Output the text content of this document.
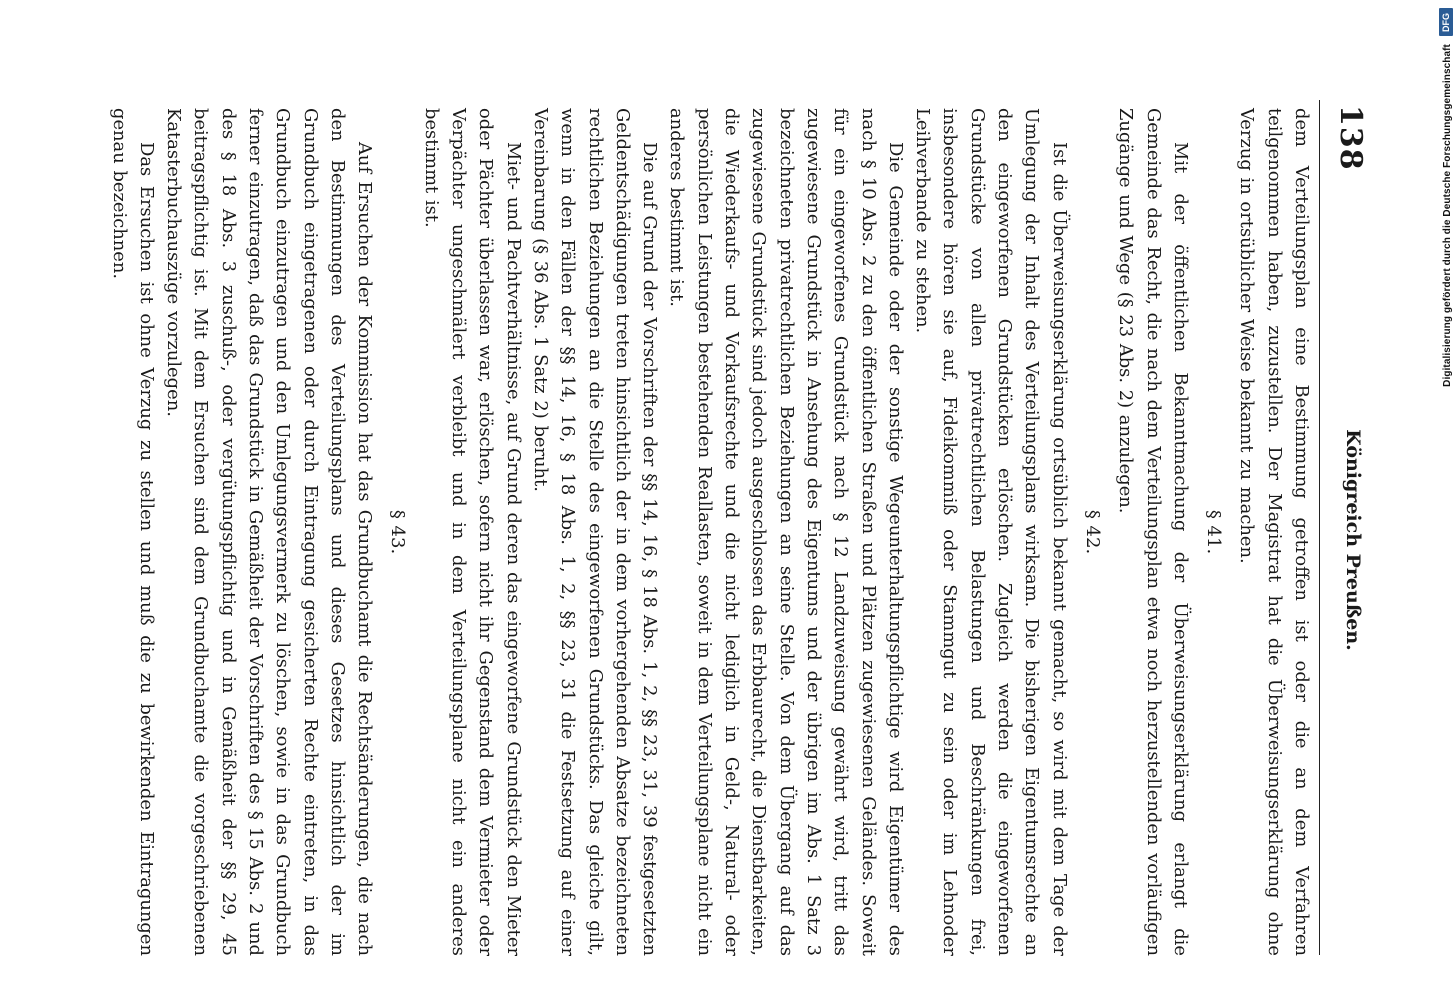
138
Königreich Preußen.

dem Verteilungsplan eine Bestimmung getroffen ist oder die an dem Verfahren teilgenommen haben, zuzustellen. Der Magistrat hat die Überweisungserklärung ohne Verzug in ortsüblicher Weise bekannt zu machen.

§ 41.

Mit der öffentlichen Bekanntmachung der Überweisungserklärung erlangt die Gemeinde das Recht, die nach dem Verteilungsplan etwa noch herzustellenden vorläufigen Zugänge und Wege (§ 23 Abs. 2) anzulegen.

§ 42.

Ist die Überweisungserklärung ortsüblich bekannt gemacht, so wird mit dem Tage der Umlegung der Inhalt des Verteilungsplans wirksam. Die bisherigen Eigentumsrechte an den eingeworfenen Grundstücken erlöschen. Zugleich werden die eingeworfenen Grundstücke von allen privatrechtlichen Belastungen und Beschränkungen frei, insbesondere hören sie auf, Fideikommiß oder Stammgut zu sein oder im Lehnoder Leihverbande zu stehen.

Die Gemeinde oder der sonstige Wegeunterhaltungspflichtige wird Eigentümer des nach § 10 Abs. 2 zu den öffentlichen Straßen und Plätzen zugewiesenen Geländes. Soweit für ein eingeworfenes Grundstück nach § 12 Landzuweisung gewährt wird, tritt das zugewiesene Grundstück in Ansehung des Eigentums und der übrigen im Abs. 1 Satz 3 bezeichneten privatrechtlichen Beziehungen an seine Stelle. Von dem Übergang auf das zugewiesene Grundstück sind jedoch ausgeschlossen das Erbbaurecht, die Dienstbarkeiten, die Wiederkaufs- und Vorkaufsrechte und die nicht lediglich in Geld-, Natural- oder persönlichen Leistungen bestehenden Reallasten, soweit in dem Verteilungsplane nicht ein anderes bestimmt ist.

Die auf Grund der Vorschriften der §§ 14, 16, § 18 Abs. 1, 2, §§ 23, 31, 39 festgesetzten Geldentschädigungen treten hinsichtlich der in dem vorhergehenden Absatze bezeichneten rechtlichen Beziehungen an die Stelle des eingeworfenen Grundstücks. Das gleiche gilt, wenn in den Fällen der §§ 14, 16, § 18 Abs. 1, 2, §§ 23, 31 die Festsetzung auf einer Vereinbarung (§ 36 Abs. 1 Satz 2) beruht.

Miet- und Pachtverhältnisse, auf Grund deren das eingeworfene Grundstück den Mieter oder Pächter überlassen war, erlöschen, sofern nicht ihr Gegenstand dem Vermieter oder Verpächter ungeschmälert verbleibt und in dem Verteilungsplane nicht ein anderes bestimmt ist.

§ 43.

Auf Ersuchen der Kommission hat das Grundbuchamt die Rechtsänderungen, die nach den Bestimmungen des Verteilungsplans und dieses Gesetzes hinsichtlich der im Grundbuch eingetragenen oder durch Eintragung gesicherten Rechte eintreten, in das Grundbuch einzutragen und den Umlegungsvermerk zu löschen, sowie in das Grundbuch ferner einzutragen, daß das Grundstück in Gemäßheit der Vorschriften des § 15 Abs. 2 und des § 18 Abs. 3 zuschuß-, oder vergütungspflichtig und in Gemäßheit der §§ 29, 45 beitragspflichtig ist. Mit dem Ersuchen sind dem Grundbuchamte die vorgeschriebenen Katasterbuchauszüge vorzulegen.

Das Ersuchen ist ohne Verzug zu stellen und muß die zu bewirkenden Eintragungen genau bezeichnen.

DFG
Digitalisierung gefördert durch die Deutsche Forschungsgemeinschaft
